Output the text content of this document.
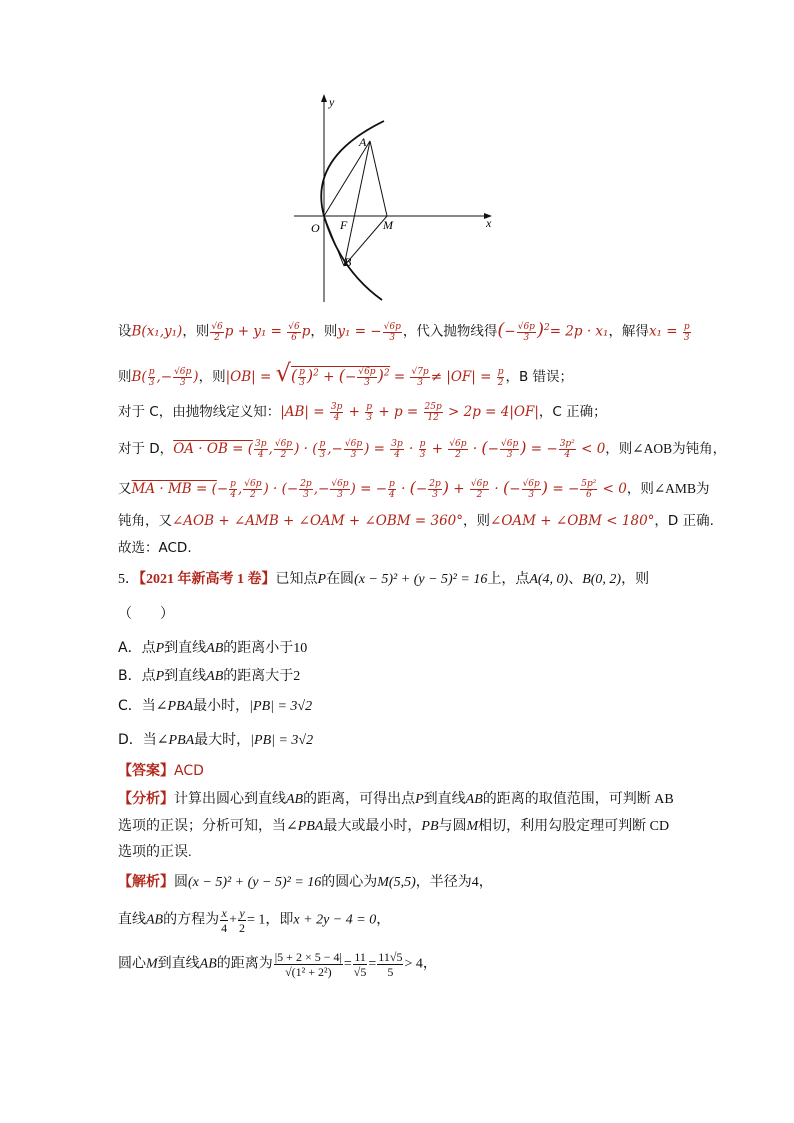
y
x
A
O F	M
B
设B(x₁,y₁)，则 $\frac{√6}{2}$ $p + y_1 = \frac{√6}{6}$ p，则y₁ = − $\frac{√6p}{3}$ ，代入抛物线得(− $\frac{√6p}{3} )^2= 2p \cdot x_1$，解得$x_1 = \frac{p}{3}$
则$B( \frac{p}{3}$ ,− $\frac{√6p}{3}$ )，则|OB| = √( $\frac{p}{3} )^2$ + (− $\frac{√6p}{3} )^2 = \frac{√7p}{3} \ne |OF| = \frac{p}{2}$ ，B 错误；
对于 C，由抛物线定义知：$|AB| = \frac{3p}{4} + \frac{p}{3} + p = \frac{25p}{12} > 2p = 4|OF|$，C 正确；
对于 D，OA · OB = ( $\frac{3p}{4}$ , $\frac{√6p}{2}$ ) · ( $\frac{p}{3}$ ,− $\frac{√6p}{3}$ ) = $\frac{3p}{4} \cdot \frac{p}{3} + \frac{√6p}{2}$ · (− $\frac{√6p}{3}$ ) = − $\frac{\text{3p²}}{4} < 0$，则∠AOB为钝角，
又MA · MB = (− $\frac{p}{4}$ , $\frac{√6p}{2}$ ) · (− $\frac{2p}{3}$ ,− $\frac{√6p}{3}$ ) = − $\frac{p}{4}$ · (− $\frac{2p}{3}$ ) + $\frac{√6p}{2}$ · (− $\frac{√6p}{3}$ ) = − $\frac{\text{5p²}}{6} < 0$，则∠AMB为
钝角，又∠AOB + ∠AMB + ∠OAM + ∠OBM = 360°，则∠OAM + ∠OBM < 180°，D 正确.
故选：ACD.
5．【2021 年新高考 1 卷】已知点P在圆(x − 5)² + (y − 5)² = 16上，点A(4, 0)、B(0, 2)，则
（　　）
A．点P到直线AB的距离小于10
B．点P到直线AB的距离大于2
C．当∠PBA最小时，|PB| = 3√2
D．当∠PBA最大时，|PB| = 3√2
【答案】ACD
【分析】计算出圆心到直线AB的距离，可得出点P到直线AB的距离的取值范围，可判断 AB
选项的正误；分析可知，当∠PBA最大或最小时，PB与圆M相切，利用勾股定理可判断 CD
选项的正误.
【解析】圆(x − 5)² + (y − 5)² = 16的圆心为M(5,5)，半径为4，
直线AB的方程为 $\frac{x}{4} + \frac{y}{2} = 1$，即x + 2y − 4 = 0，
圆心M到直线AB的距离为 $\frac{|5 + 2 \times 5 - 4|}{\text{√(1² + 2²)}} = \frac{11}{√5} = \frac{11√5}{5} > 4$，
